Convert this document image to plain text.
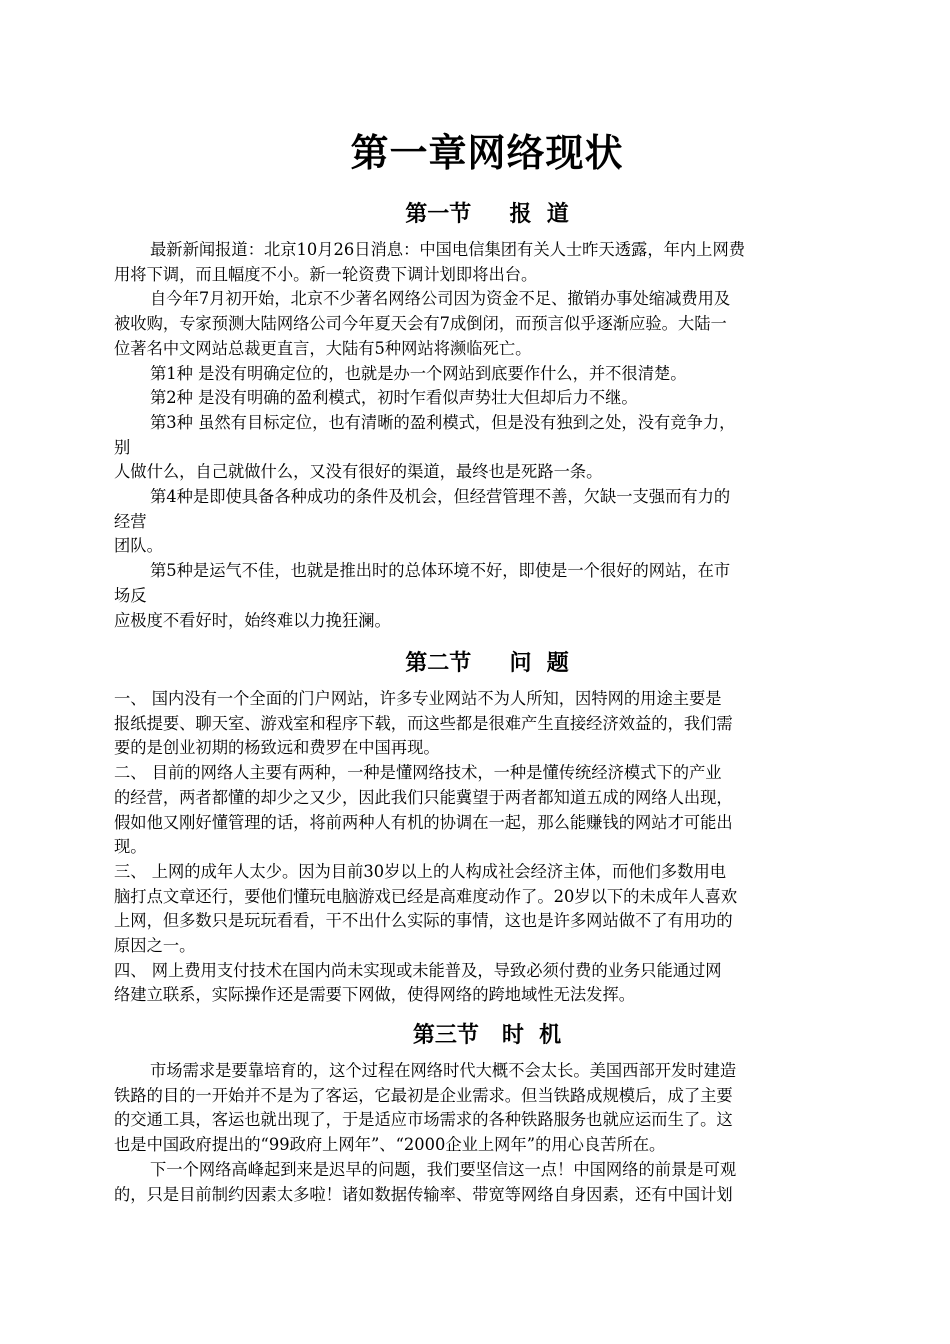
第一章网络现状
第一节     报  道

最新新闻报道：北京10月26日消息：中国电信集团有关人士昨天透露，年内上网费

用将下调，而且幅度不小。新一轮资费下调计划即将出台。

自今年7月初开始，北京不少著名网络公司因为资金不足、撤销办事处缩减费用及

被收购，专家预测大陆网络公司今年夏天会有7成倒闭，而预言似乎逐渐应验。大陆一

位著名中文网站总裁更直言，大陆有5种网站将濒临死亡。

第1种 是没有明确定位的，也就是办一个网站到底要作什么，并不很清楚。

第2种 是没有明确的盈利模式，初时乍看似声势壮大但却后力不继。

第3种 虽然有目标定位，也有清晰的盈利模式，但是没有独到之处，没有竞争力，

别

人做什么，自己就做什么，又没有很好的渠道，最终也是死路一条。

第4种是即使具备各种成功的条件及机会，但经营管理不善，欠缺一支强而有力的

经营

团队。

第5种是运气不佳，也就是推出时的总体环境不好，即使是一个很好的网站，在市

场反

应极度不看好时，始终难以力挽狂澜。

第二节     问  题

一、 国内没有一个全面的门户网站，许多专业网站不为人所知，因特网的用途主要是

报纸提要、聊天室、游戏室和程序下载，而这些都是很难产生直接经济效益的，我们需

要的是创业初期的杨致远和费罗在中国再现。

二、 目前的网络人主要有两种，一种是懂网络技术，一种是懂传统经济模式下的产业

的经营，两者都懂的却少之又少，因此我们只能冀望于两者都知道五成的网络人出现，

假如他又刚好懂管理的话，将前两种人有机的协调在一起，那么能赚钱的网站才可能出

现。

三、 上网的成年人太少。因为目前30岁以上的人构成社会经济主体，而他们多数用电

脑打点文章还行，要他们懂玩电脑游戏已经是高难度动作了。20岁以下的未成年人喜欢

上网，但多数只是玩玩看看，干不出什么实际的事情，这也是许多网站做不了有用功的

原因之一。

四、 网上费用支付技术在国内尚未实现或未能普及，导致必须付费的业务只能通过网

络建立联系，实际操作还是需要下网做，使得网络的跨地域性无法发挥。

第三节   时  机

市场需求是要靠培育的，这个过程在网络时代大概不会太长。美国西部开发时建造

铁路的目的一开始并不是为了客运，它最初是企业需求。但当铁路成规模后，成了主要

的交通工具，客运也就出现了，于是适应市场需求的各种铁路服务也就应运而生了。这

也是中国政府提出的“99政府上网年”、“2000企业上网年”的用心良苦所在。

下一个网络高峰起到来是迟早的问题，我们要坚信这一点！中国网络的前景是可观

的，只是目前制约因素太多啦！诸如数据传输率、带宽等网络自身因素，还有中国计划
